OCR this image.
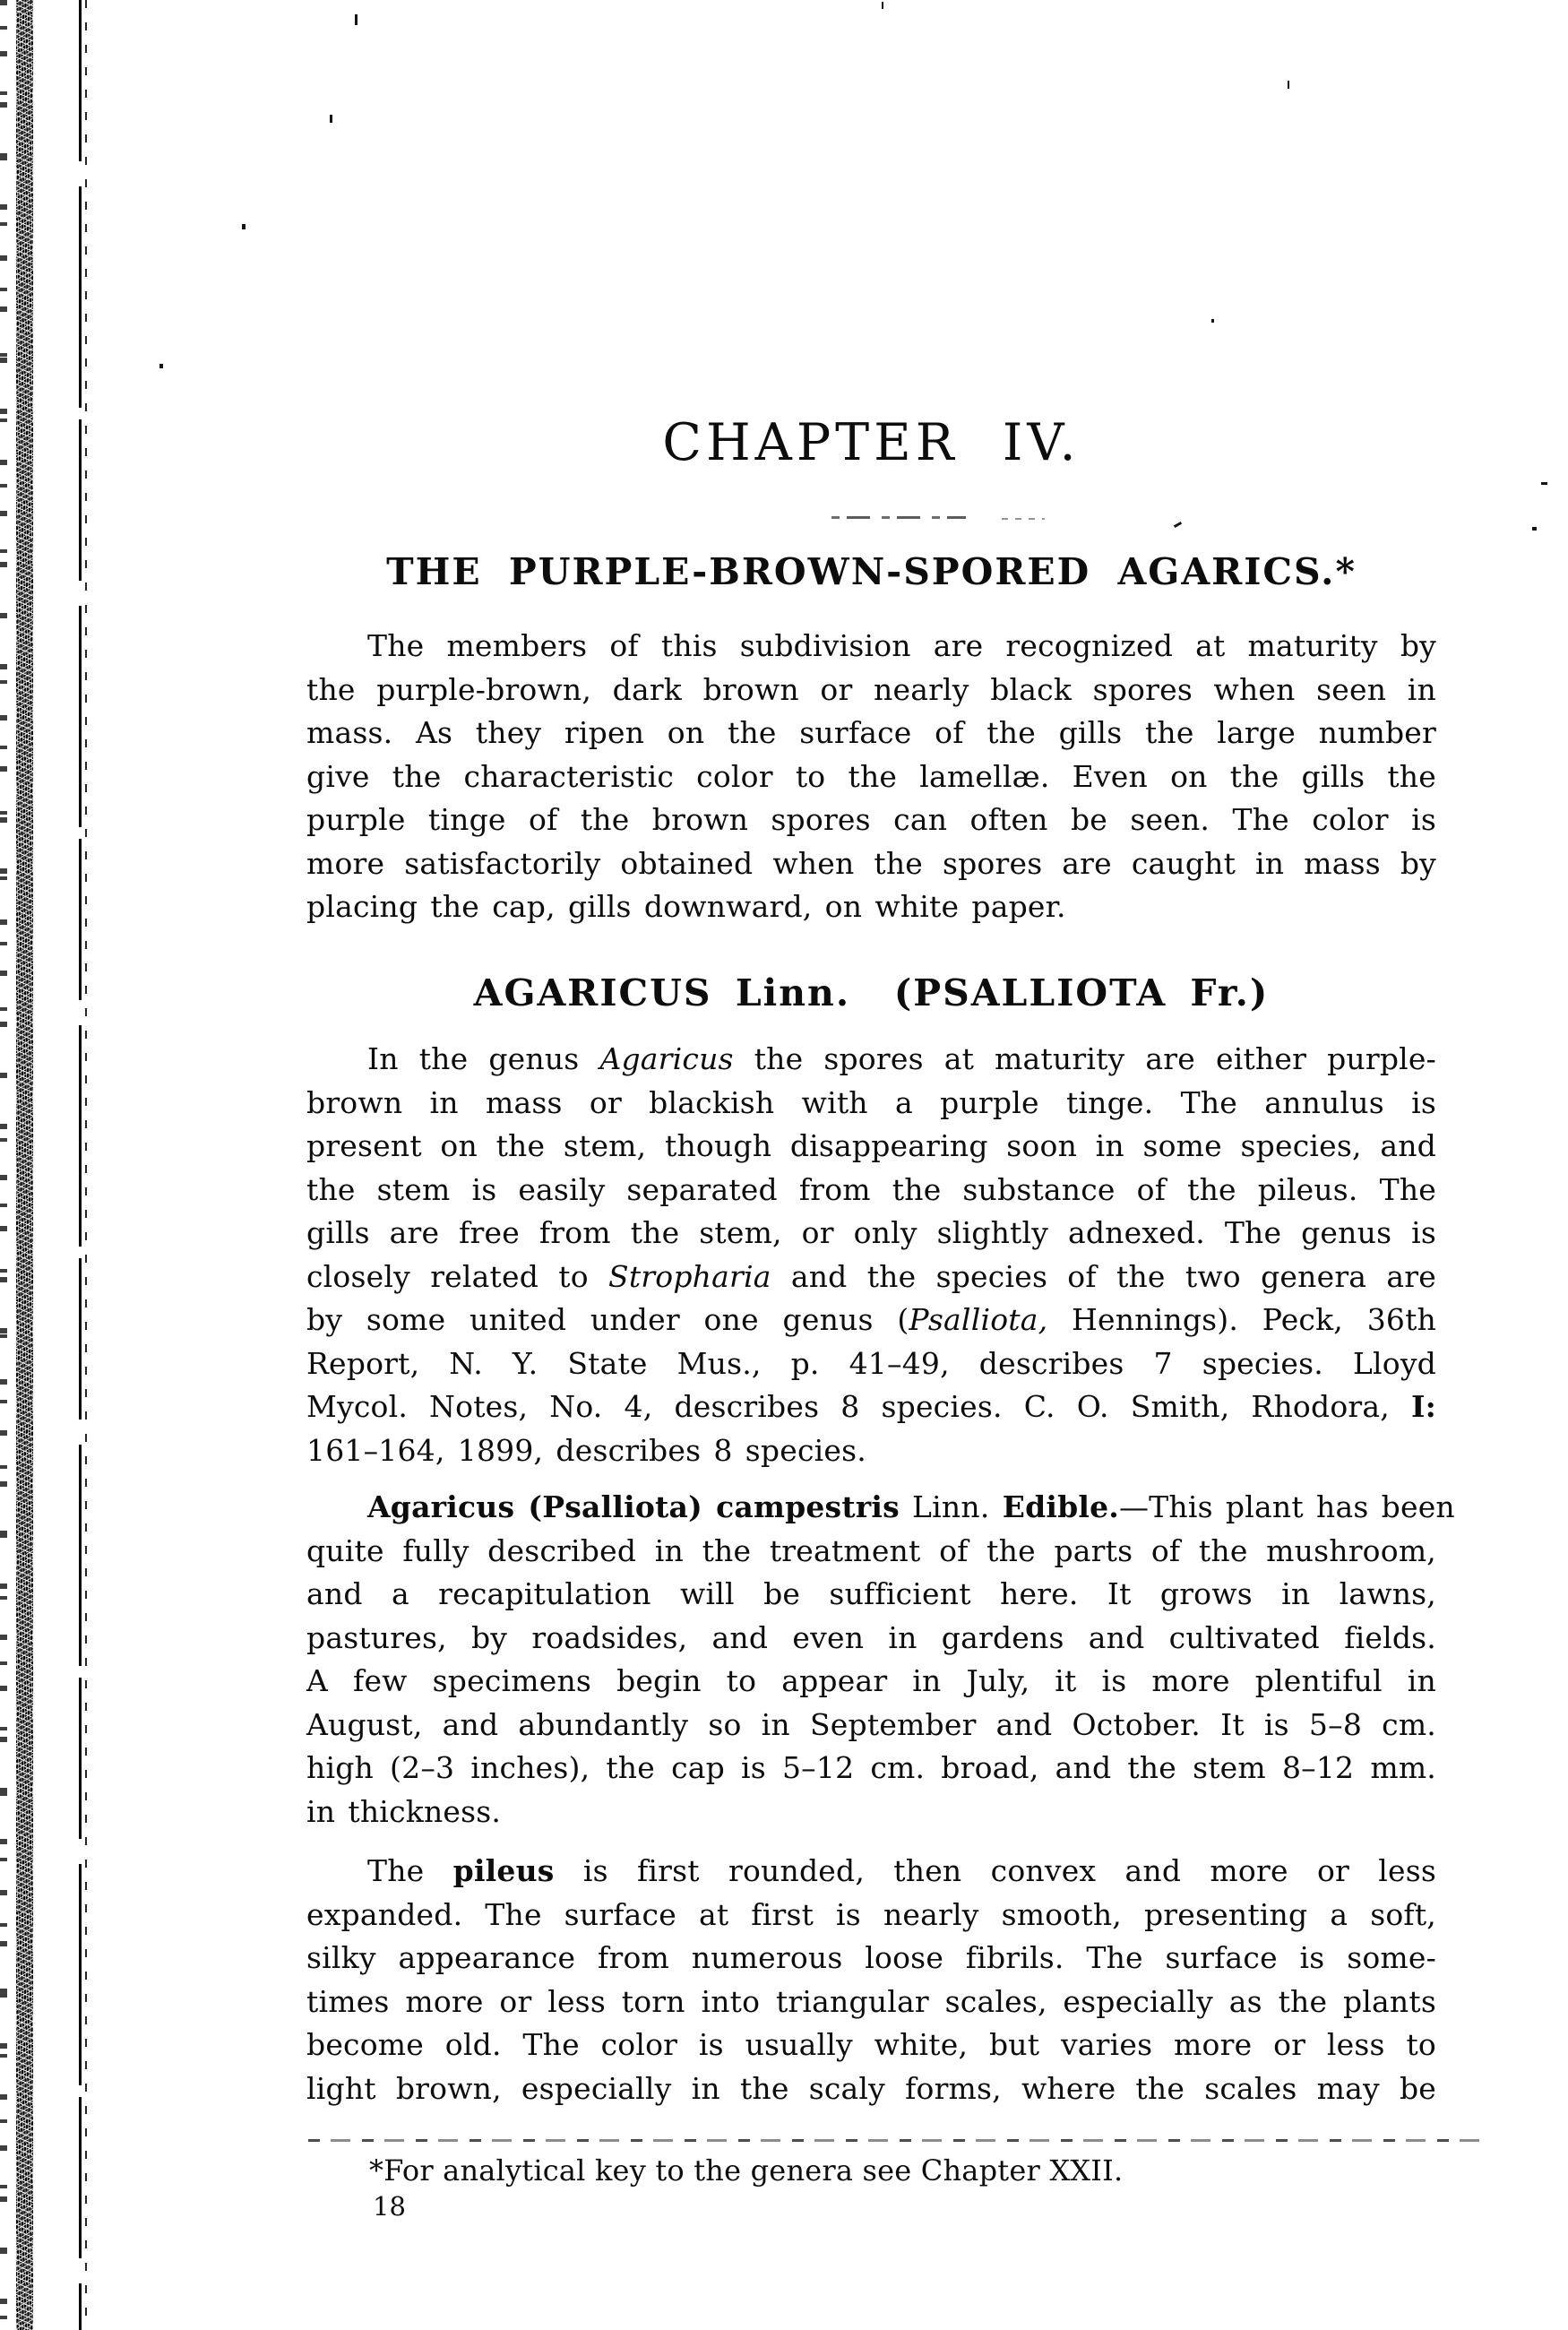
CHAPTER IV.
THE PURPLE-BROWN-SPORED AGARICS.*
The members of this subdivision are recognized at maturity by
the purple-brown, dark brown or nearly black spores when seen in
mass. As they ripen on the surface of the gills the large number
give the characteristic color to the lamellæ. Even on the gills the
purple tinge of the brown spores can often be seen. The color is
more satisfactorily obtained when the spores are caught in mass by
placing the cap, gills downward, on white paper.
AGARICUS Linn.  (PSALLIOTA Fr.)
In the genus Agaricus the spores at maturity are either purple-
brown in mass or blackish with a purple tinge. The annulus is
present on the stem, though disappearing soon in some species, and
the stem is easily separated from the substance of the pileus. The
gills are free from the stem, or only slightly adnexed. The genus is
closely related to Stropharia and the species of the two genera are
by some united under one genus (Psalliota, Hennings). Peck, 36th
Report, N. Y. State Mus., p. 41–49, describes 7 species. Lloyd
Mycol. Notes, No. 4, describes 8 species. C. O. Smith, Rhodora, I:
161–164, 1899, describes 8 species.
Agaricus (Psalliota) campestris Linn. Edible.—This plant has been
quite fully described in the treatment of the parts of the mushroom,
and a recapitulation will be sufficient here. It grows in lawns,
pastures, by roadsides, and even in gardens and cultivated fields.
A few specimens begin to appear in July, it is more plentiful in
August, and abundantly so in September and October. It is 5–8 cm.
high (2–3 inches), the cap is 5–12 cm. broad, and the stem 8–12 mm.
in thickness.
The pileus is first rounded, then convex and more or less
expanded. The surface at first is nearly smooth, presenting a soft,
silky appearance from numerous loose fibrils. The surface is some-
times more or less torn into triangular scales, especially as the plants
become old. The color is usually white, but varies more or less to
light brown, especially in the scaly forms, where the scales may be
*For analytical key to the genera see Chapter XXII.
18
